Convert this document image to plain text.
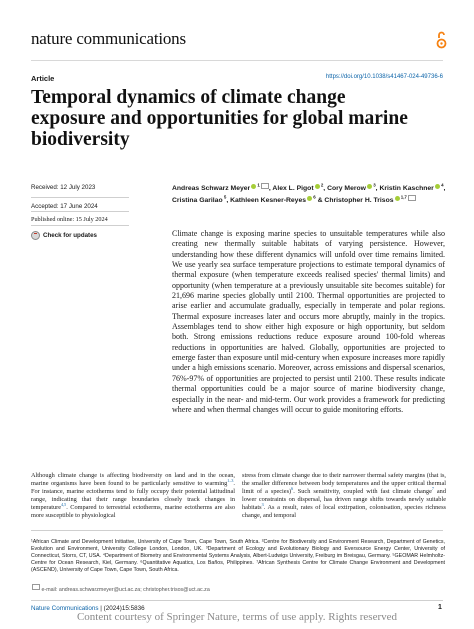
nature communications
Article	https://doi.org/10.1038/s41467-024-49736-6
Temporal dynamics of climate change exposure and opportunities for global marine biodiversity
Received: 12 July 2023
Accepted: 17 June 2024
Published online: 15 July 2024
Check for updates
Andreas Schwarz Meyer $^1$ , Alex L. Pigot $^2$, Cory Merow $^3$, Kristin Kaschner $^4$, Cristina Garilao $^5$, Kathleen Kesner-Reyes $^6$ & Christopher H. Trisos $^{1,7}$

Climate change is exposing marine species to unsuitable temperatures while also creating new thermally suitable habitats of varying persistence. However, understanding how these different dynamics will unfold over time remains limited. We use yearly sea surface temperature projections to estimate temporal dynamics of thermal exposure (when temperature exceeds realised species' thermal limits) and opportunity (when temperature at a previously unsuitable site becomes suitable) for 21,696 marine species globally until 2100. Thermal opportunities are projected to arise earlier and accumulate gradually, especially in temperate and polar regions. Thermal exposure increases later and occurs more abruptly, mainly in the tropics. Assemblages tend to show either high exposure or high opportunity, but seldom both. Strong emissions reductions reduce exposure around 100-fold whereas reductions in opportunities are halved. Globally, opportunities are projected to emerge faster than exposure until mid-century when exposure increases more rapidly under a high emissions scenario. Moreover, across emissions and dispersal scenarios, 76%-97% of opportunities are projected to persist until 2100. These results indicate thermal opportunities could be a major source of marine biodiversity change, especially in the near- and mid-term. Our work provides a framework for predicting where and when thermal changes will occur to guide monitoring efforts.

Although climate change is affecting biodiversity on land and in the ocean, marine organisms have been found to be particularly sensitive to warming$^{1-3}$. For instance, marine ectotherms tend to fully occupy their potential latitudinal range, indicating that their range boundaries closely track changes in temperature$^{4,5}$. Compared to terrestrial ectotherms, marine ectotherms are also more susceptible to physiological

stress from climate change due to their narrower thermal safety margins (that is, the smaller difference between body temperatures and the upper critical thermal limit of a species)$^6$. Such sensitivity, coupled with fast climate change$^7$ and lower constraints on dispersal, has driven range shifts towards newly suitable habitats$^3$. As a result, rates of local extirpation, colonisation, species richness change, and temporal

¹African Climate and Development Initiative, University of Cape Town, Cape Town, South Africa. ²Centre for Biodiversity and Environment Research, Department of Genetics, Evolution and Environment, University College London, London, UK. ³Department of Ecology and Evolutionary Biology and Eversource Energy Center, University of Connecticut, Storrs, CT, USA. ⁴Department of Biometry and Environmental Systems Analysis, Albert-Ludwigs University, Freiburg im Breisgau, Germany. ⁵GEOMAR Helmholtz-Centre for Ocean Research, Kiel, Germany. ⁶Quantitative Aquatics, Los Baños, Philippines. ⁷African Synthesis Centre for Climate Change Environment and Development (ASCEND), University of Cape Town, Cape Town, South Africa.

e-mail: andreas.schwarzmeyer@uct.ac.za; christopher.trisos@uct.ac.za
Nature Communications | (2024)15:5836	1
Content courtesy of Springer Nature, terms of use apply. Rights reserved
